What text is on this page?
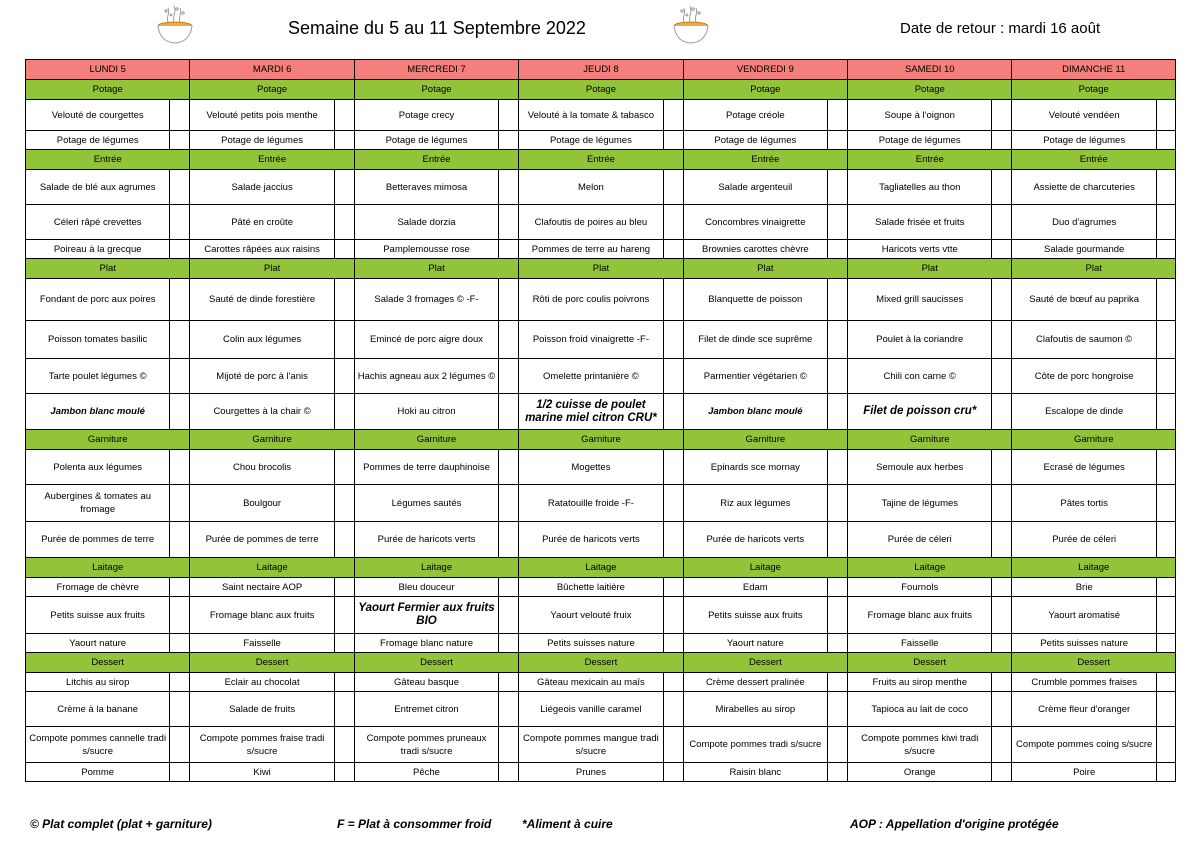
Semaine du 5 au 11 Septembre 2022	Date de retour : mardi 16 août
LUNDI 5		MARDI 6		MERCREDI 7		JEUDI 8		VENDREDI 9		SAMEDI 10		DIMANCHE 11	
Potage		Potage		Potage		Potage		Potage		Potage		Potage	
Velouté de courgettes		Velouté petits pois menthe		Potage crecy		Velouté à la tomate & tabasco		Potage créole		Soupe à l'oignon		Velouté vendéen	
Potage de légumes		Potage de légumes		Potage de légumes		Potage de légumes		Potage de légumes		Potage de légumes		Potage de légumes	
Entrée		Entrée		Entrée		Entrée		Entrée		Entrée		Entrée	
Salade de blé aux agrumes		Salade jaccius		Betteraves mimosa		Melon		Salade argenteuil		Tagliatelles au thon		Assiette de charcuteries	
Céleri râpé crevettes		Pâté en croûte		Salade dorzia		Clafoutis de poires au bleu		Concombres vinaigrette		Salade frisée et fruits		Duo d'agrumes	
Poireau à la grecque		Carottes râpées aux raisins		Pamplemousse rose		Pommes de terre au hareng		Brownies carottes chèvre		Haricots verts vtte		Salade gourmande	
Plat		Plat		Plat		Plat		Plat		Plat		Plat	
Fondant de porc aux poires		Sauté de dinde forestière		Salade 3 fromages © -F-		Rôti de porc coulis poivrons		Blanquette de poisson		Mixed grill saucisses		Sauté de bœuf au paprika	
Poisson tomates basilic		Colin aux légumes		Emincé de porc aigre doux		Poisson froid vinaigrette -F-		Filet de dinde sce suprême		Poulet à la coriandre		Clafoutis de saumon ©	
Tarte poulet légumes ©		Mijoté de porc à l'anis		Hachis agneau aux 2 légumes ©		Omelette printanière ©		Parmentier végétarien ©		Chili con carne ©		Côte de porc hongroise	
Jambon blanc moulé		Courgettes à la chair ©		Hoki au citron		1/2 cuisse de poulet marine miel citron CRU*		Jambon blanc moulé		Filet de poisson cru*		Escalope de dinde	
Garniture		Garniture		Garniture		Garniture		Garniture		Garniture		Garniture	
Polenta aux légumes		Chou brocolis		Pommes de terre dauphinoise		Mogettes		Epinards sce mornay		Semoule aux herbes		Ecrasé de légumes	
Aubergines & tomates au fromage		Boulgour		Légumes sautés		Ratatouille froide -F-		Riz aux légumes		Tajine de légumes		Pâtes tortis	
Purée de pommes de terre		Purée de pommes de terre		Purée de haricots verts		Purée de haricots verts		Purée de haricots verts		Purée de céleri		Purée de céleri	
Laitage		Laitage		Laitage		Laitage		Laitage		Laitage		Laitage	
Fromage de chèvre		Saint nectaire AOP		Bleu douceur		Bûchette laitière		Edam		Fournols		Brie	
Petits suisse aux fruits		Fromage blanc aux fruits		Yaourt Fermier aux fruits BIO		Yaourt velouté fruix		Petits suisse aux fruits		Fromage blanc aux fruits		Yaourt aromatisé	
Yaourt nature		Faisselle		Fromage blanc nature		Petits suisses nature		Yaourt nature		Faisselle		Petits suisses nature	
Dessert		Dessert		Dessert		Dessert		Dessert		Dessert		Dessert	
Litchis au sirop		Eclair au chocolat		Gâteau basque		Gâteau mexicain au maïs		Crème dessert pralinée		Fruits au sirop menthe		Crumble pommes fraises	
Crème à la banane		Salade de fruits		Entremet citron		Liégeois vanille caramel		Mirabelles au sirop		Tapioca au lait de coco		Crème fleur d'oranger	
Compote pommes cannelle tradi s/sucre		Compote pommes fraise tradi s/sucre		Compote pommes pruneaux tradi s/sucre		Compote pommes mangue tradi s/sucre		Compote pommes tradi s/sucre		Compote pommes kiwi tradi s/sucre		Compote pommes coing s/sucre	
Pomme		Kiwi		Pêche		Prunes		Raisin blanc		Orange		Poire	
© Plat complet (plat + garniture)	F = Plat à consommer froid	*Aliment à cuire	AOP : Appellation d'origine protégée
